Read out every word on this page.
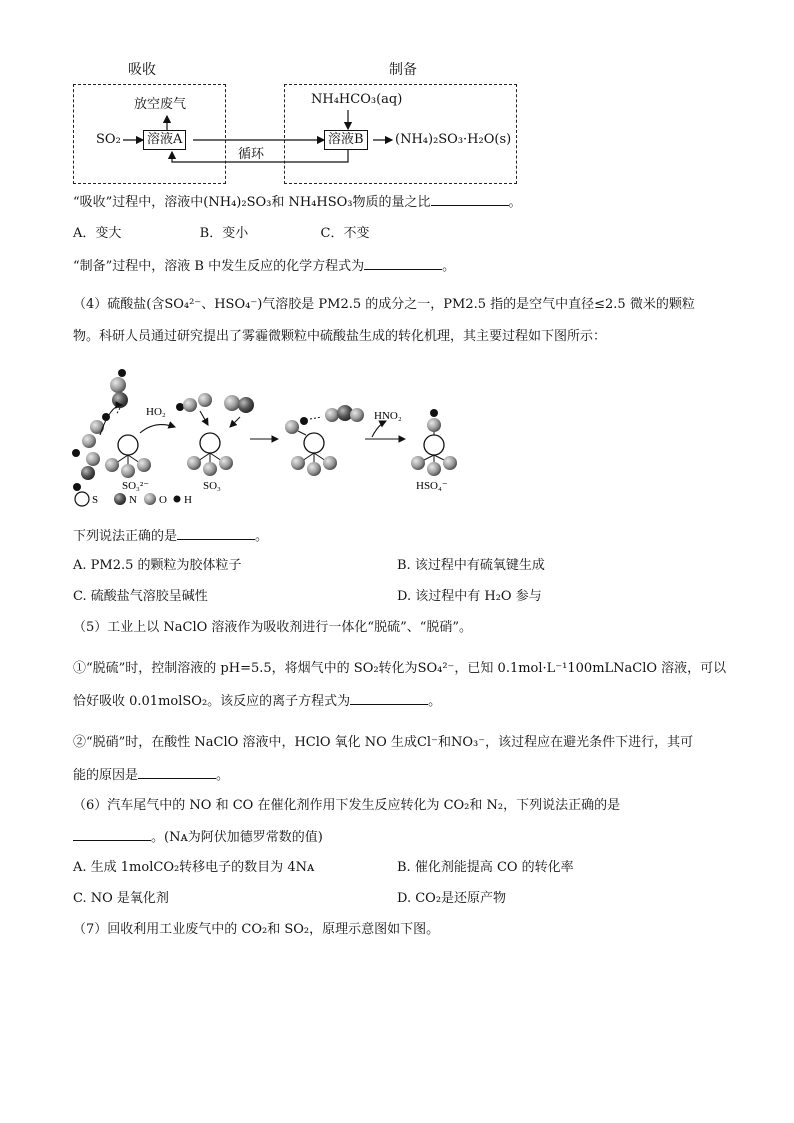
吸收	制备
放空废气
SO₂	溶液A
循环
NH₄HCO₃(aq)
溶液B	(NH₄)₂SO₃·H₂O(s)
“吸收”过程中，溶液中(NH₄)₂SO₃和 NH₄HSO₃物质的量之比	。
A．变大	B．变小	C．不变
“制备”过程中，溶液 B 中发生反应的化学方程式为	。
（4）硫酸盐(含SO₄²⁻、HSO₄⁻)气溶胶是 PM2.5 的成分之一，PM2.5 指的是空气中直径≤2.5 微米的颗粒
物。科研人员通过研究提出了雾霾微颗粒中硫酸盐生成的转化机理，其主要过程如下图所示：
SO₃²⁻
HO₂
SO₃
HNO₂
HSO₄⁻
S	N O H
下列说法正确的是	。
A. PM2.5 的颗粒为胶体粒子	B. 该过程中有硫氧键生成
C. 硫酸盐气溶胶呈碱性	D. 该过程中有 H₂O 参与
（5）工业上以 NaClO 溶液作为吸收剂进行一体化“脱硫”、“脱硝”。
①“脱硫”时，控制溶液的 pH=5.5，将烟气中的 SO₂转化为SO₄²⁻，已知 0.1mol·L⁻¹100mLNaClO 溶液，可以
恰好吸收 0.01molSO₂。该反应的离子方程式为	。
②“脱硝”时，在酸性 NaClO 溶液中，HClO 氧化 NO 生成Cl⁻和NO₃⁻，该过程应在避光条件下进行，其可
能的原因是	。
（6）汽车尾气中的 NO 和 CO 在催化剂作用下发生反应转化为 CO₂和 N₂，下列说法正确的是
。(Nᴀ为阿伏加德罗常数的值)
A. 生成 1molCO₂转移电子的数目为 4Nᴀ	B. 催化剂能提高 CO 的转化率
C. NO 是氧化剂	D. CO₂是还原产物
（7）回收利用工业废气中的 CO₂和 SO₂，原理示意图如下图。
